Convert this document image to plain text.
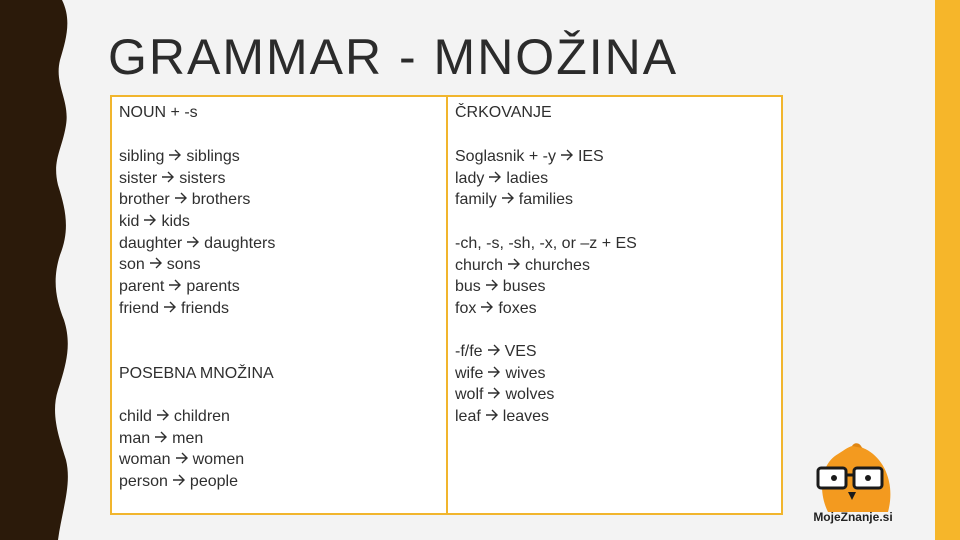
GRAMMAR - MNOŽINA
NOUN + -s
sibling siblings
sister sisters
brother brothers
kid kids
daughter daughters
son sons
parent parents
friend friends
POSEBNA MNOŽINA
child children
man men
woman women
person people
ČRKOVANJE
Soglasnik + -y IES
lady ladies
family families
-ch, -s, -sh, -x, or –z + ES
church churches
bus buses
fox foxes
-f/fe VES
wife wives
wolf wolves
leaf leaves
MojeZnanje.si
